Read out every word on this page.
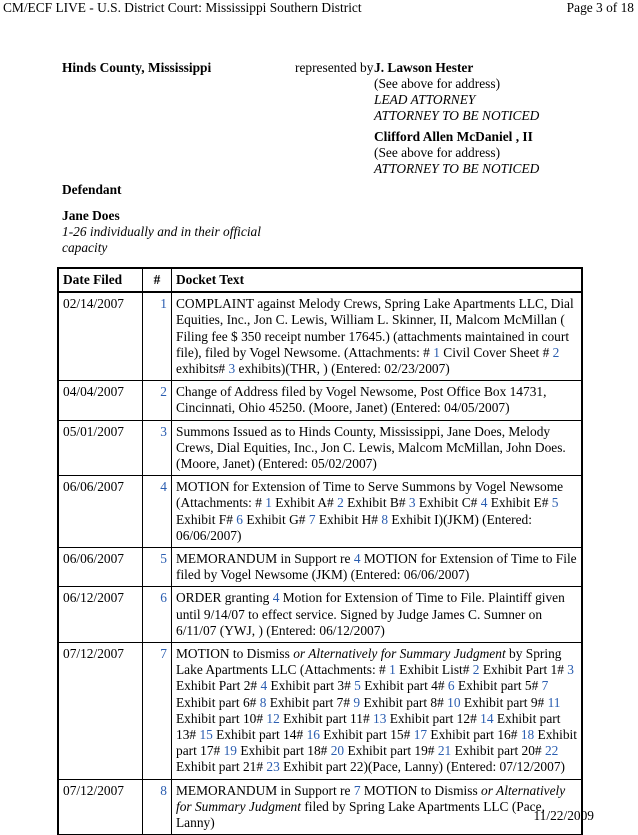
CM/ECF LIVE - U.S. District Court: Mississippi Southern District	Page 3 of 18
Hinds County, Mississippi	represented by J. Lawson Hester
(See above for address)
LEAD ATTORNEY
ATTORNEY TO BE NOTICED
Clifford Allen McDaniel , II
(See above for address)
ATTORNEY TO BE NOTICED
Defendant
Jane Does
1-26 individually and in their official capacity
Date Filed	#	Docket Text
02/14/2007	1 COMPLAINT against Melody Crews, Spring Lake Apartments LLC, Dial Equities, Inc., Jon C. Lewis, William L. Skinner, II, Malcom McMillan ( Filing fee $ 350 receipt number 17645.) (attachments maintained in court file), filed by Vogel Newsome. (Attachments: # 1 Civil Cover Sheet # 2 exhibits# 3 exhibits)(THR, ) (Entered: 02/23/2007)
04/04/2007	2 Change of Address filed by Vogel Newsome, Post Office Box 14731, Cincinnati, Ohio 45250. (Moore, Janet) (Entered: 04/05/2007)
05/01/2007	3 Summons Issued as to Hinds County, Mississippi, Jane Does, Melody Crews, Dial Equities, Inc., Jon C. Lewis, Malcom McMillan, John Does. (Moore, Janet) (Entered: 05/02/2007)
06/06/2007	4 MOTION for Extension of Time to Serve Summons by Vogel Newsome (Attachments: # 1 Exhibit A# 2 Exhibit B# 3 Exhibit C# 4 Exhibit E# 5 Exhibit F# 6 Exhibit G# 7 Exhibit H# 8 Exhibit I)(JKM) (Entered: 06/06/2007)
06/06/2007	5 MEMORANDUM in Support re 4 MOTION for Extension of Time to File filed by Vogel Newsome (JKM) (Entered: 06/06/2007)
06/12/2007	6 ORDER granting 4 Motion for Extension of Time to File. Plaintiff given until 9/14/07 to effect service. Signed by Judge James C. Sumner on 6/11/07 (YWJ, ) (Entered: 06/12/2007)
07/12/2007	7 MOTION to Dismiss or Alternatively for Summary Judgment by Spring Lake Apartments LLC (Attachments: # 1 Exhibit List# 2 Exhibit Part 1# 3 Exhibit Part 2# 4 Exhibit part 3# 5 Exhibit part 4# 6 Exhibit part 5# 7 Exhibit part 6# 8 Exhibit part 7# 9 Exhibit part 8# 10 Exhibit part 9# 11 Exhibit part 10# 12 Exhibit part 11# 13 Exhibit part 12# 14 Exhibit part 13# 15 Exhibit part 14# 16 Exhibit part 15# 17 Exhibit part 16# 18 Exhibit part 17# 19 Exhibit part 18# 20 Exhibit part 19# 21 Exhibit part 20# 22 Exhibit part 21# 23 Exhibit part 22)(Pace, Lanny) (Entered: 07/12/2007)
07/12/2007	8 MEMORANDUM in Support re 7 MOTION to Dismiss or Alternatively for Summary Judgment filed by Spring Lake Apartments LLC (Pace, Lanny)	11/22/2009
